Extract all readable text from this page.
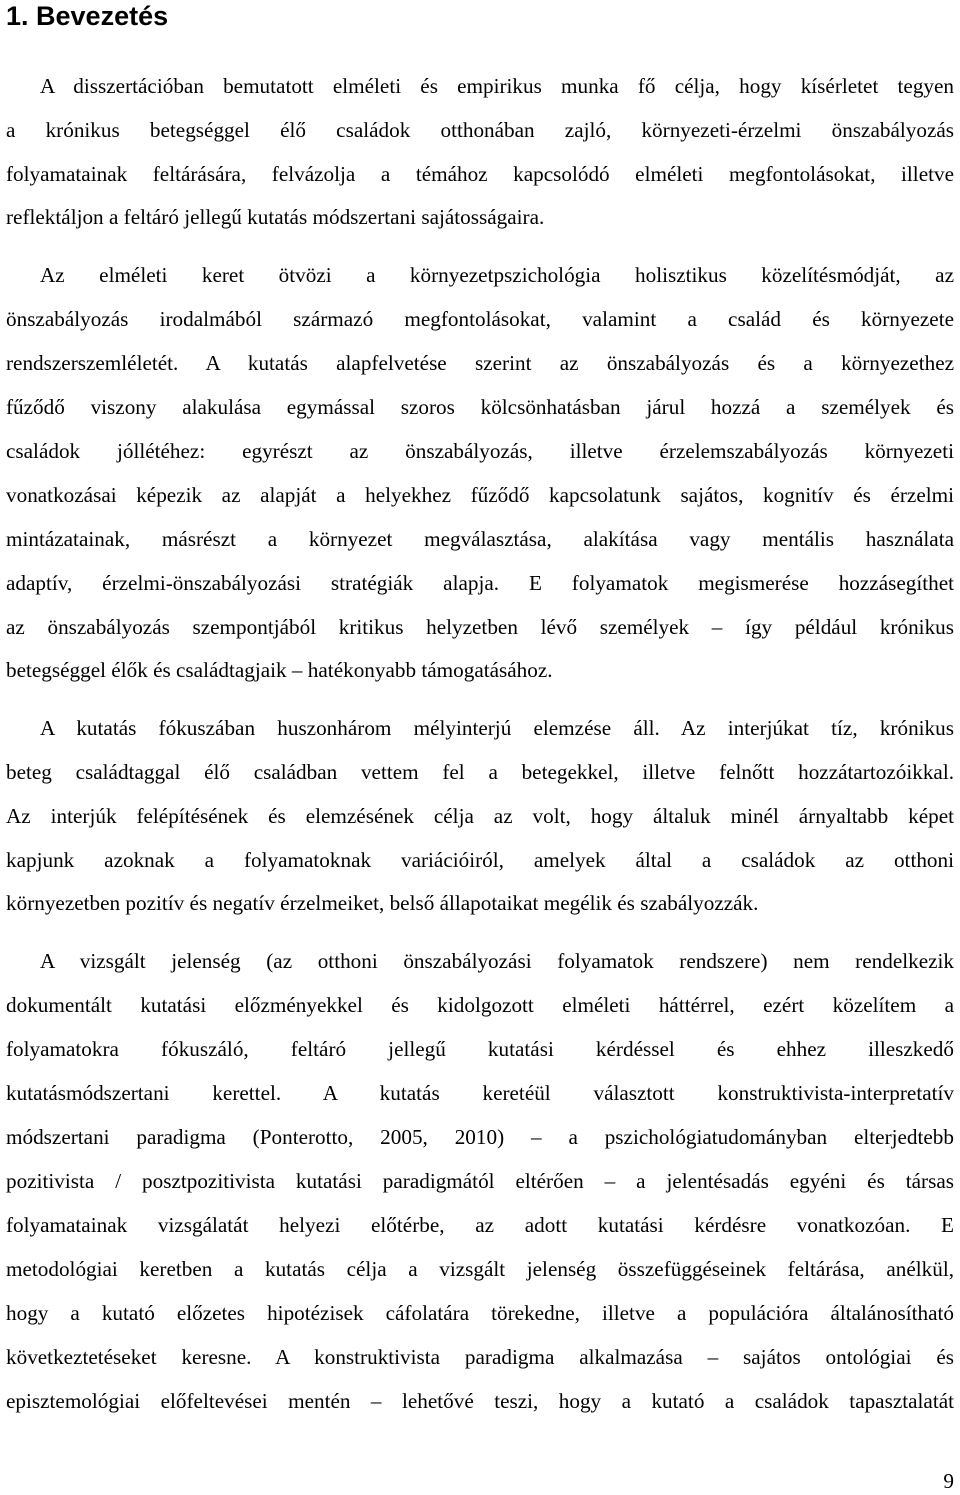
1. Bevezetés
A disszertációban bemutatott elméleti és empirikus munka fő célja, hogy kísérletet tegyen
a krónikus betegséggel élő családok otthonában zajló, környezeti-érzelmi önszabályozás
folyamatainak feltárására, felvázolja a témához kapcsolódó elméleti megfontolásokat, illetve
reflektáljon a feltáró jellegű kutatás módszertani sajátosságaira.
Az elméleti keret ötvözi a környezetpszichológia holisztikus közelítésmódját, az
önszabályozás irodalmából származó megfontolásokat, valamint a család és környezete
rendszerszemléletét. A kutatás alapfelvetése szerint az önszabályozás és a környezethez
fűződő viszony alakulása egymással szoros kölcsönhatásban járul hozzá a személyek és
családok jóllétéhez: egyrészt az önszabályozás, illetve érzelemszabályozás környezeti
vonatkozásai képezik az alapját a helyekhez fűződő kapcsolatunk sajátos, kognitív és érzelmi
mintázatainak, másrészt a környezet megválasztása, alakítása vagy mentális használata
adaptív, érzelmi-önszabályozási stratégiák alapja. E folyamatok megismerése hozzásegíthet
az önszabályozás szempontjából kritikus helyzetben lévő személyek – így például krónikus
betegséggel élők és családtagjaik – hatékonyabb támogatásához.
A kutatás fókuszában huszonhárom mélyinterjú elemzése áll. Az interjúkat tíz, krónikus
beteg családtaggal élő családban vettem fel a betegekkel, illetve felnőtt hozzátartozóikkal.
Az interjúk felépítésének és elemzésének célja az volt, hogy általuk minél árnyaltabb képet
kapjunk azoknak a folyamatoknak variációiról, amelyek által a családok az otthoni
környezetben pozitív és negatív érzelmeiket, belső állapotaikat megélik és szabályozzák.
A vizsgált jelenség (az otthoni önszabályozási folyamatok rendszere) nem rendelkezik
dokumentált kutatási előzményekkel és kidolgozott elméleti háttérrel, ezért közelítem a
folyamatokra fókuszáló, feltáró jellegű kutatási kérdéssel és ehhez illeszkedő
kutatásmódszertani kerettel. A kutatás keretéül választott konstruktivista-interpretatív
módszertani paradigma (Ponterotto, 2005, 2010) – a pszichológiatudományban elterjedtebb
pozitivista / posztpozitivista kutatási paradigmától eltérően – a jelentésadás egyéni és társas
folyamatainak vizsgálatát helyezi előtérbe, az adott kutatási kérdésre vonatkozóan. E
metodológiai keretben a kutatás célja a vizsgált jelenség összefüggéseinek feltárása, anélkül,
hogy a kutató előzetes hipotézisek cáfolatára törekedne, illetve a populációra általánosítható
következtetéseket keresne. A konstruktivista paradigma alkalmazása – sajátos ontológiai és
episztemológiai előfeltevései mentén – lehetővé teszi, hogy a kutató a családok tapasztalatát
9
